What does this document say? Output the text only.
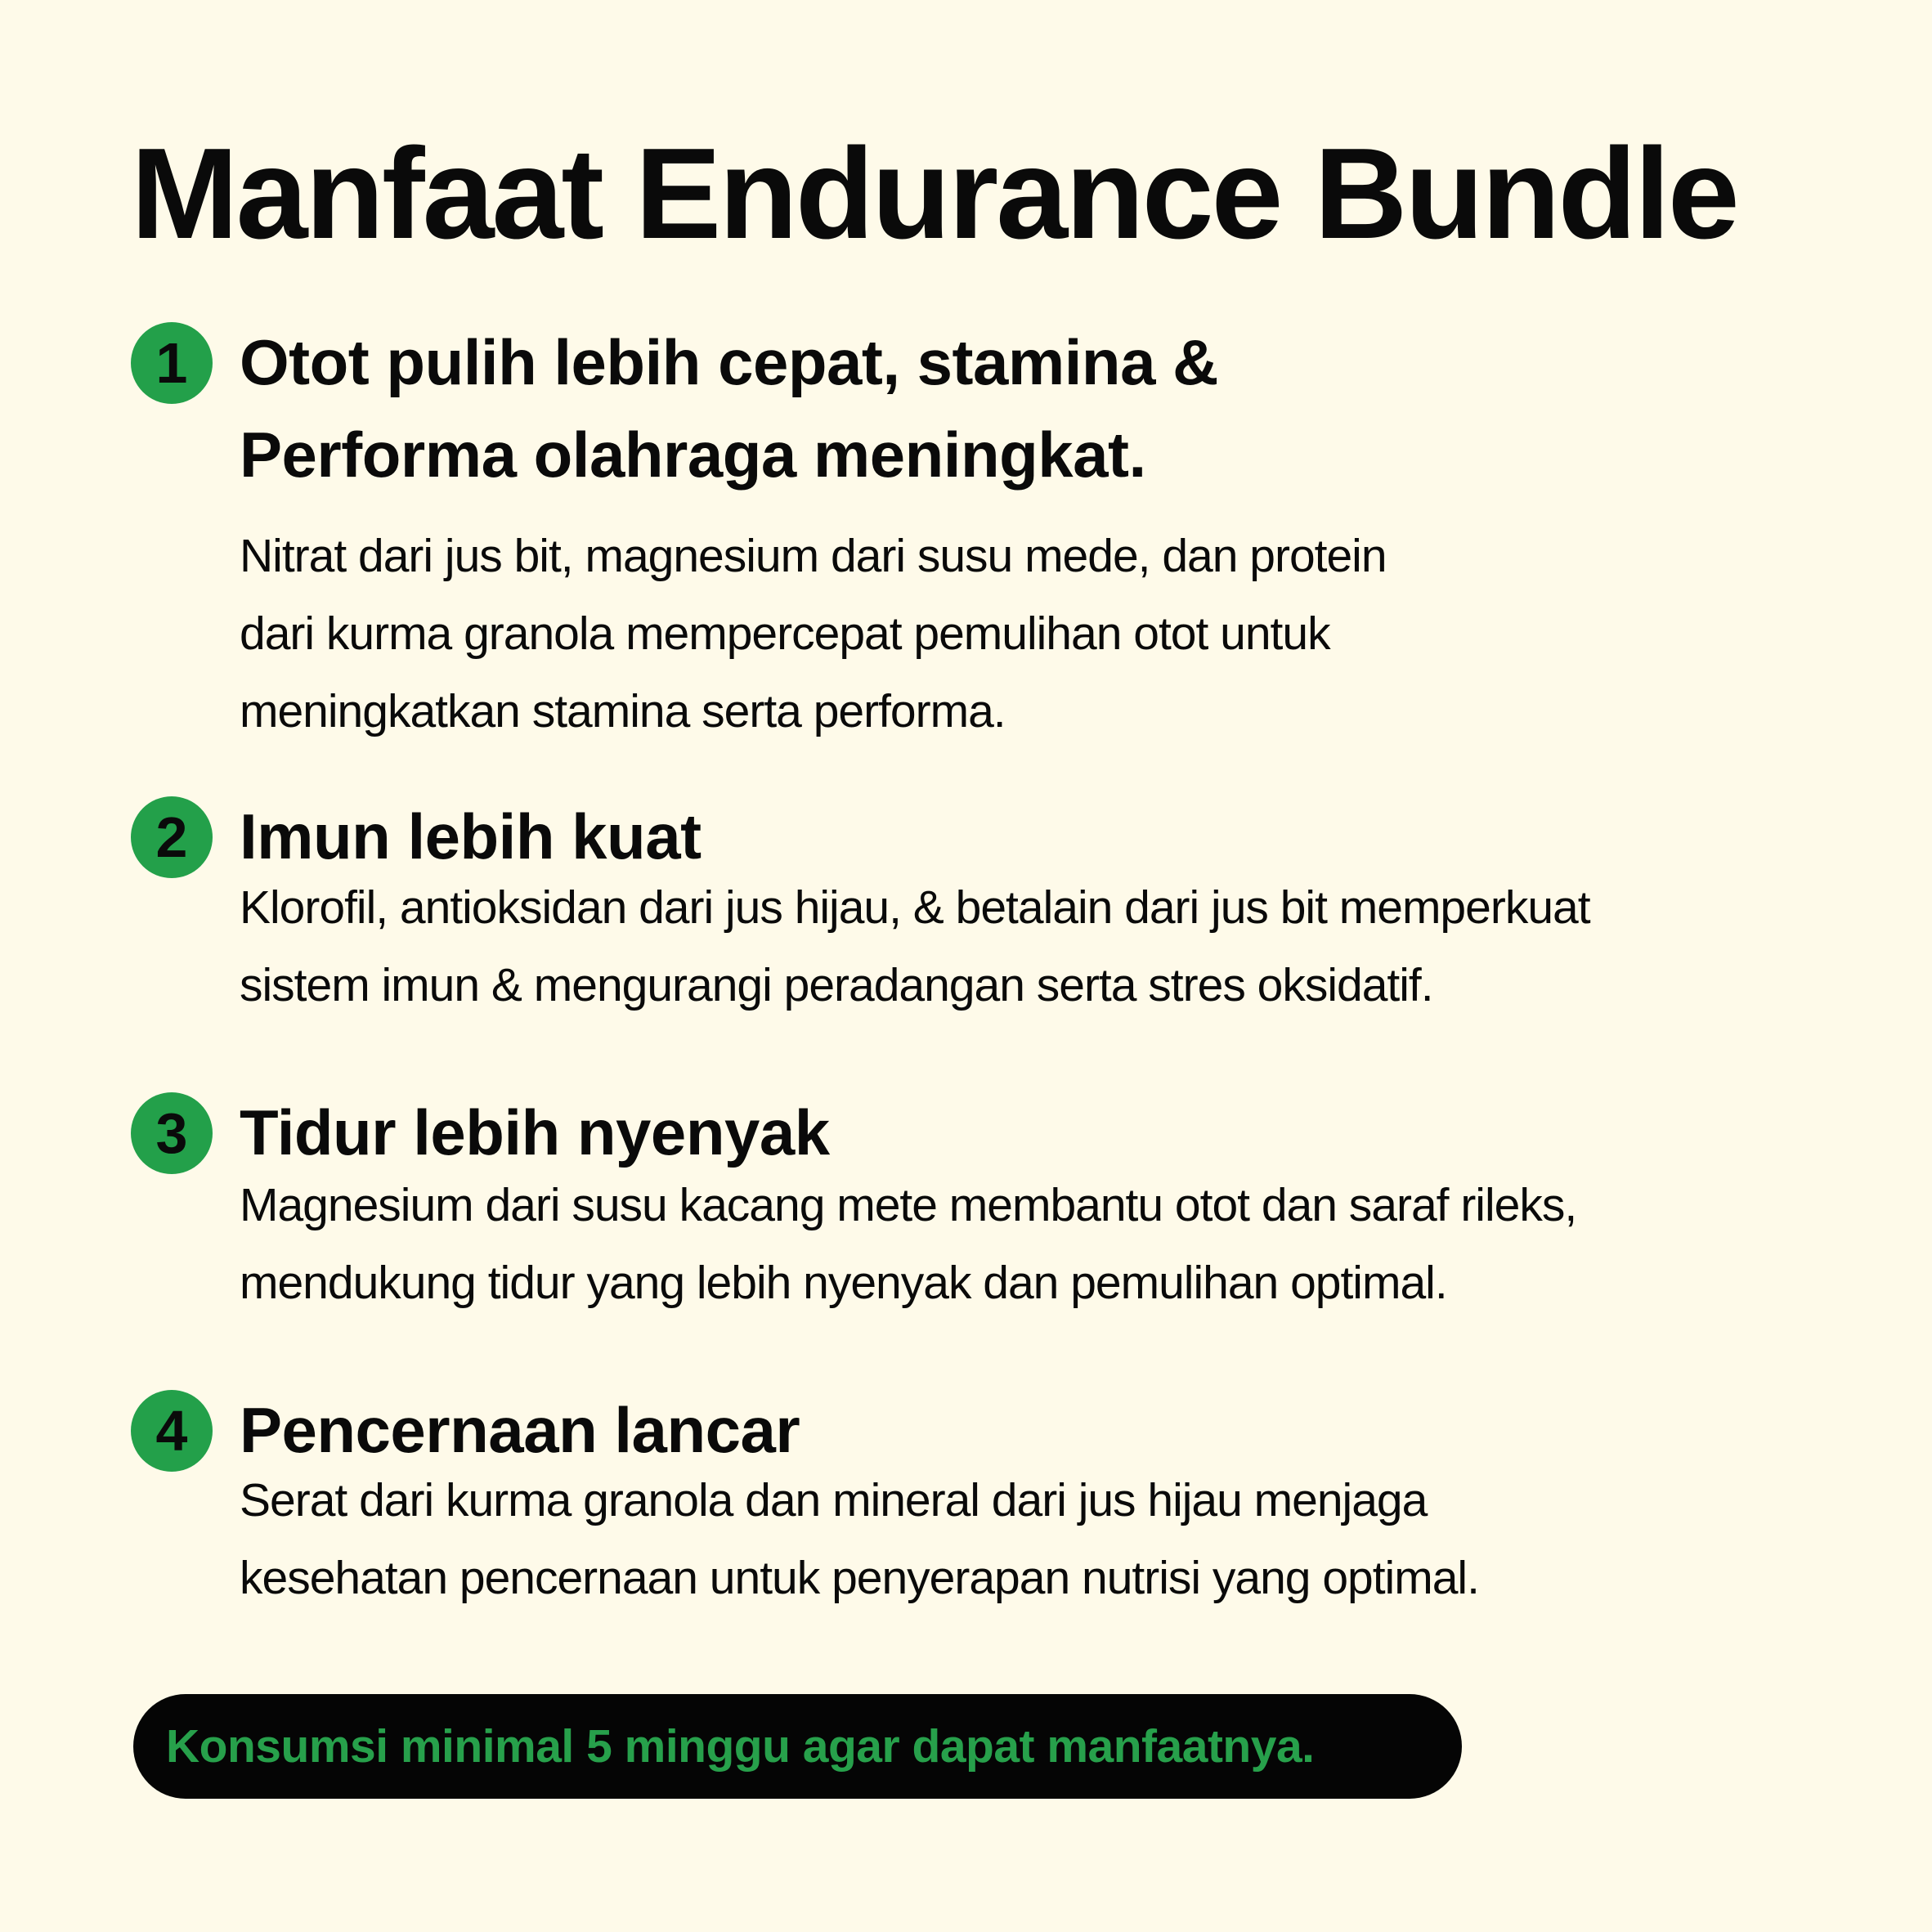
Manfaat Endurance Bundle
1 Otot pulih lebih cepat, stamina &
Performa olahraga meningkat.

Nitrat dari jus bit, magnesium dari susu mede, dan protein
dari kurma granola mempercepat pemulihan otot untuk
meningkatkan stamina serta performa.

2 Imun lebih kuat

Klorofil, antioksidan dari jus hijau, & betalain dari jus bit memperkuat
sistem imun & mengurangi peradangan serta stres oksidatif.

3 Tidur lebih nyenyak

Magnesium dari susu kacang mete membantu otot dan saraf rileks,
mendukung tidur yang lebih nyenyak dan pemulihan optimal.

4 Pencernaan lancar

Serat dari kurma granola dan mineral dari jus hijau menjaga
kesehatan pencernaan untuk penyerapan nutrisi yang optimal.

Konsumsi minimal 5 minggu agar dapat manfaatnya.
